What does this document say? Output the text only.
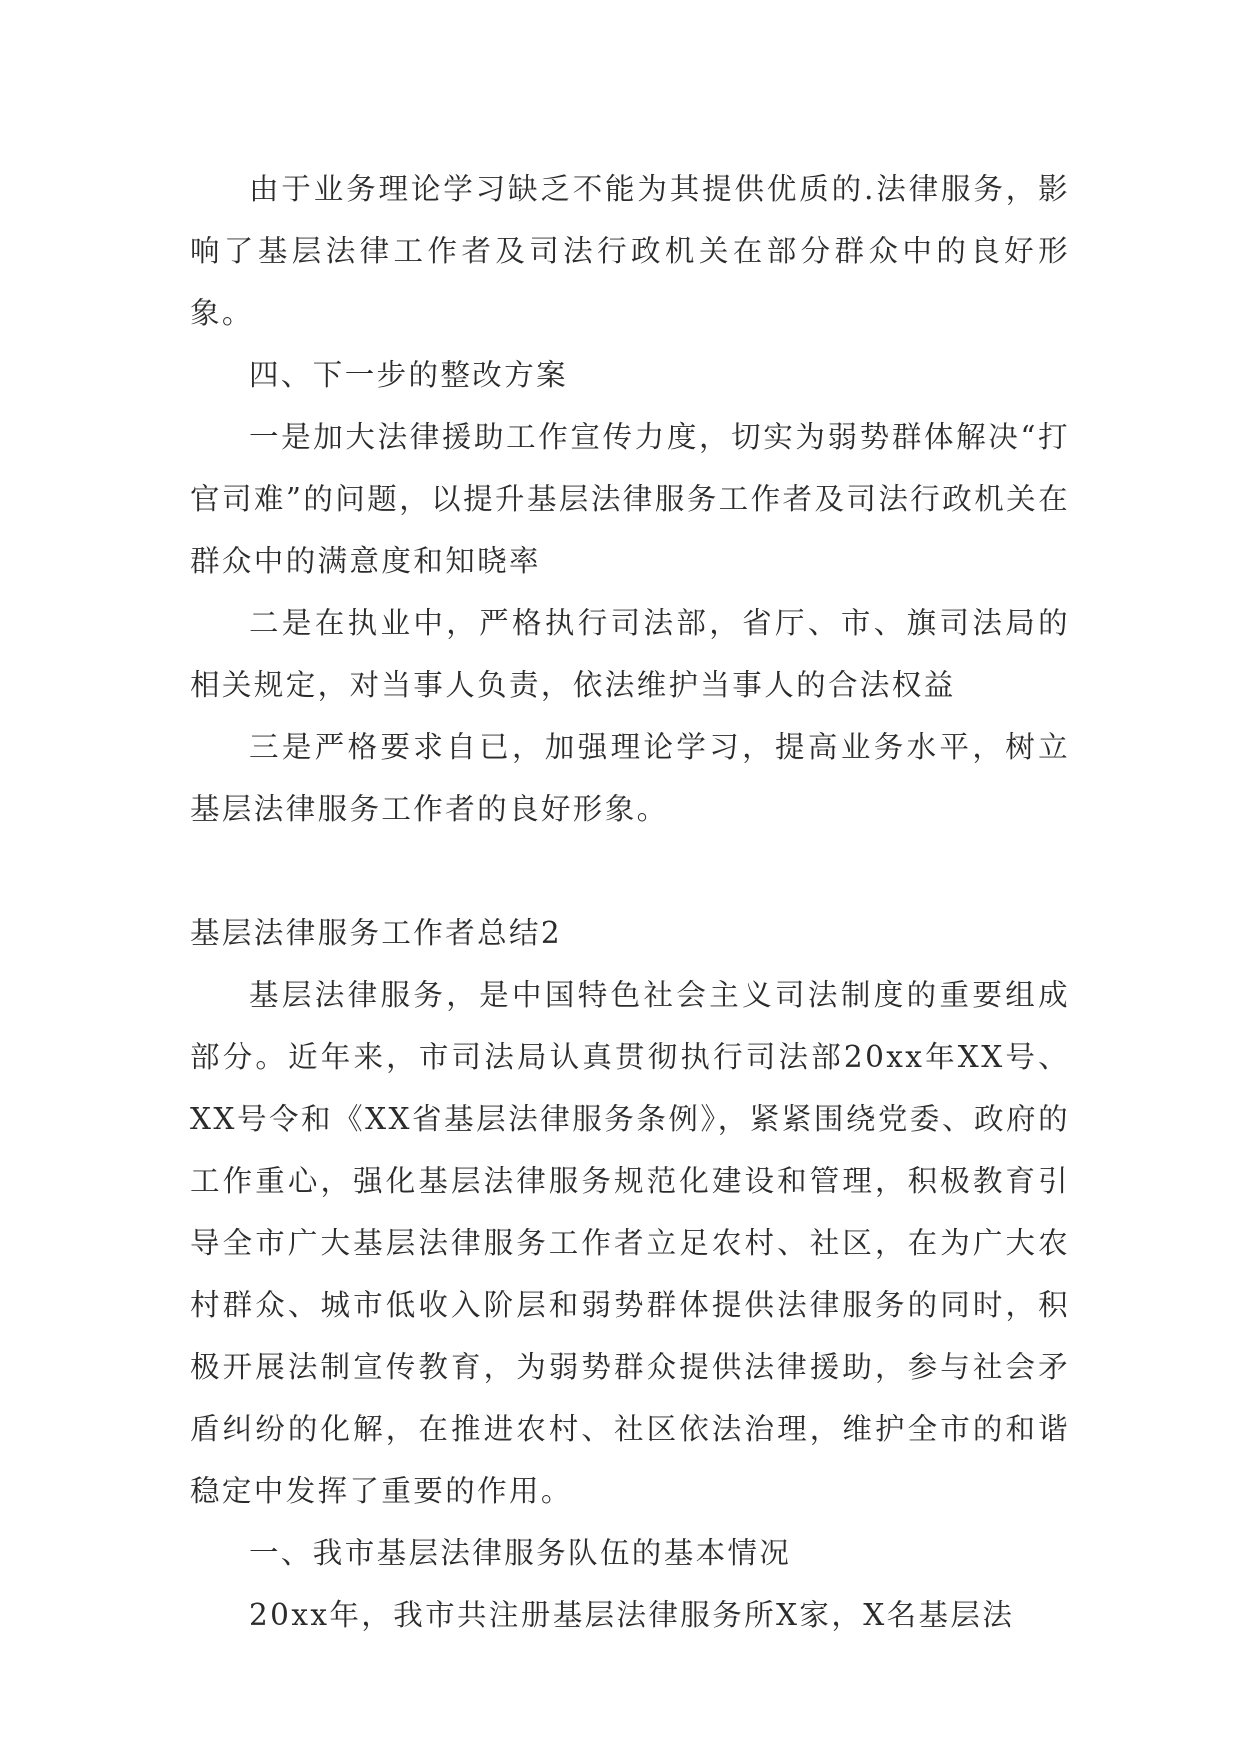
由于业务理论学习缺乏不能为其提供优质的.法律服务，影响了基层法律工作者及司法行政机关在部分群众中的良好形象。

四、下一步的整改方案

一是加大法律援助工作宣传力度，切实为弱势群体解决“打官司难”的问题，以提升基层法律服务工作者及司法行政机关在群众中的满意度和知晓率

二是在执业中，严格执行司法部，省厅、市、旗司法局的相关规定，对当事人负责，依法维护当事人的合法权益

三是严格要求自已，加强理论学习，提高业务水平，树立基层法律服务工作者的良好形象。

基层法律服务工作者总结2

基层法律服务，是中国特色社会主义司法制度的重要组成部分。近年来，市司法局认真贯彻执行司法部20xx年XX号、XX号令和《XX省基层法律服务条例》，紧紧围绕党委、政府的工作重心，强化基层法律服务规范化建设和管理，积极教育引导全市广大基层法律服务工作者立足农村、社区，在为广大农村群众、城市低收入阶层和弱势群体提供法律服务的同时，积极开展法制宣传教育，为弱势群众提供法律援助，参与社会矛盾纠纷的化解，在推进农村、社区依法治理，维护全市的和谐稳定中发挥了重要的作用。

一、我市基层法律服务队伍的基本情况

20xx年，我市共注册基层法律服务所X家，X名基层法
